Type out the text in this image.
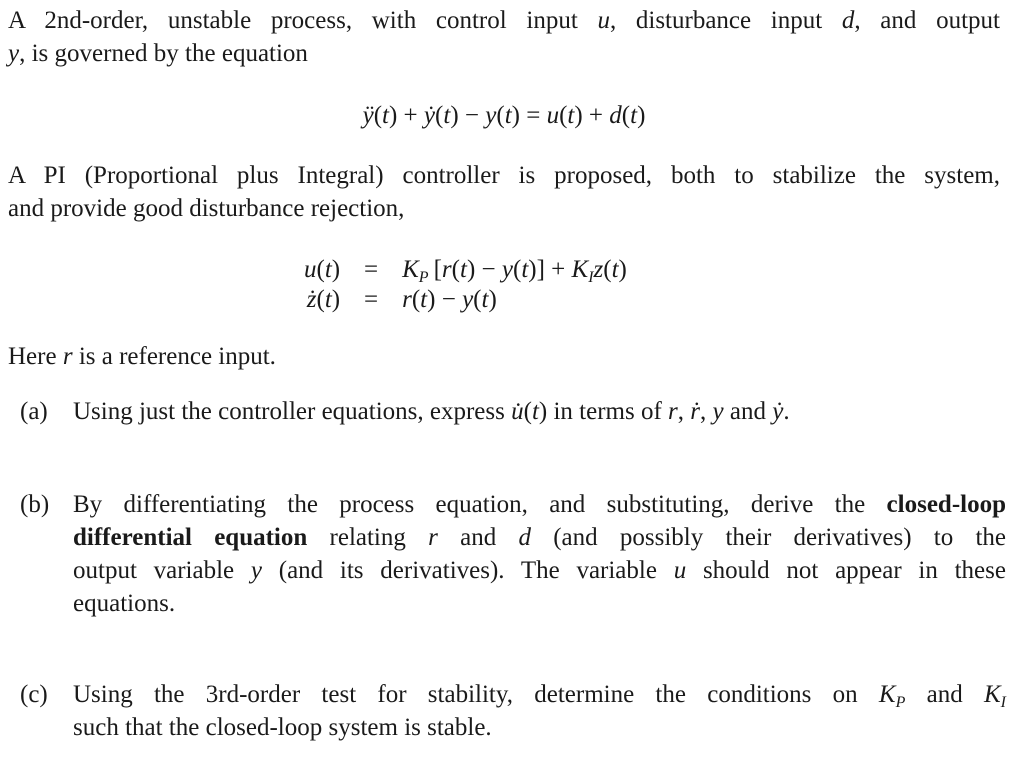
A 2nd-order, unstable process, with control input u, disturbance input d, and output
y, is governed by the equation
ÿ(t) + ẏ(t) − y(t) = u(t) + d(t)
A PI (Proportional plus Integral) controller is proposed, both to stabilize the system,
and provide good disturbance rejection,
u(t)	=	$K_P$ $[r(t) - y(t)] + K_Iz(t)$
ż(t)	=	r(t) − y(t)
Here r is a reference input.
(a)	Using just the controller equations, express u̇(t) in terms of r, ṙ, y and ẏ.
(b) By differentiating the process equation, and substituting, derive the closed-loop
differential equation relating r and d (and possibly their derivatives) to the
output variable y (and its derivatives). The variable u should not appear in these
equations.
(c)	Using the 3rd-order test for stability, determine the conditions on $K_P$ and $K_I$
such that the closed-loop system is stable.
